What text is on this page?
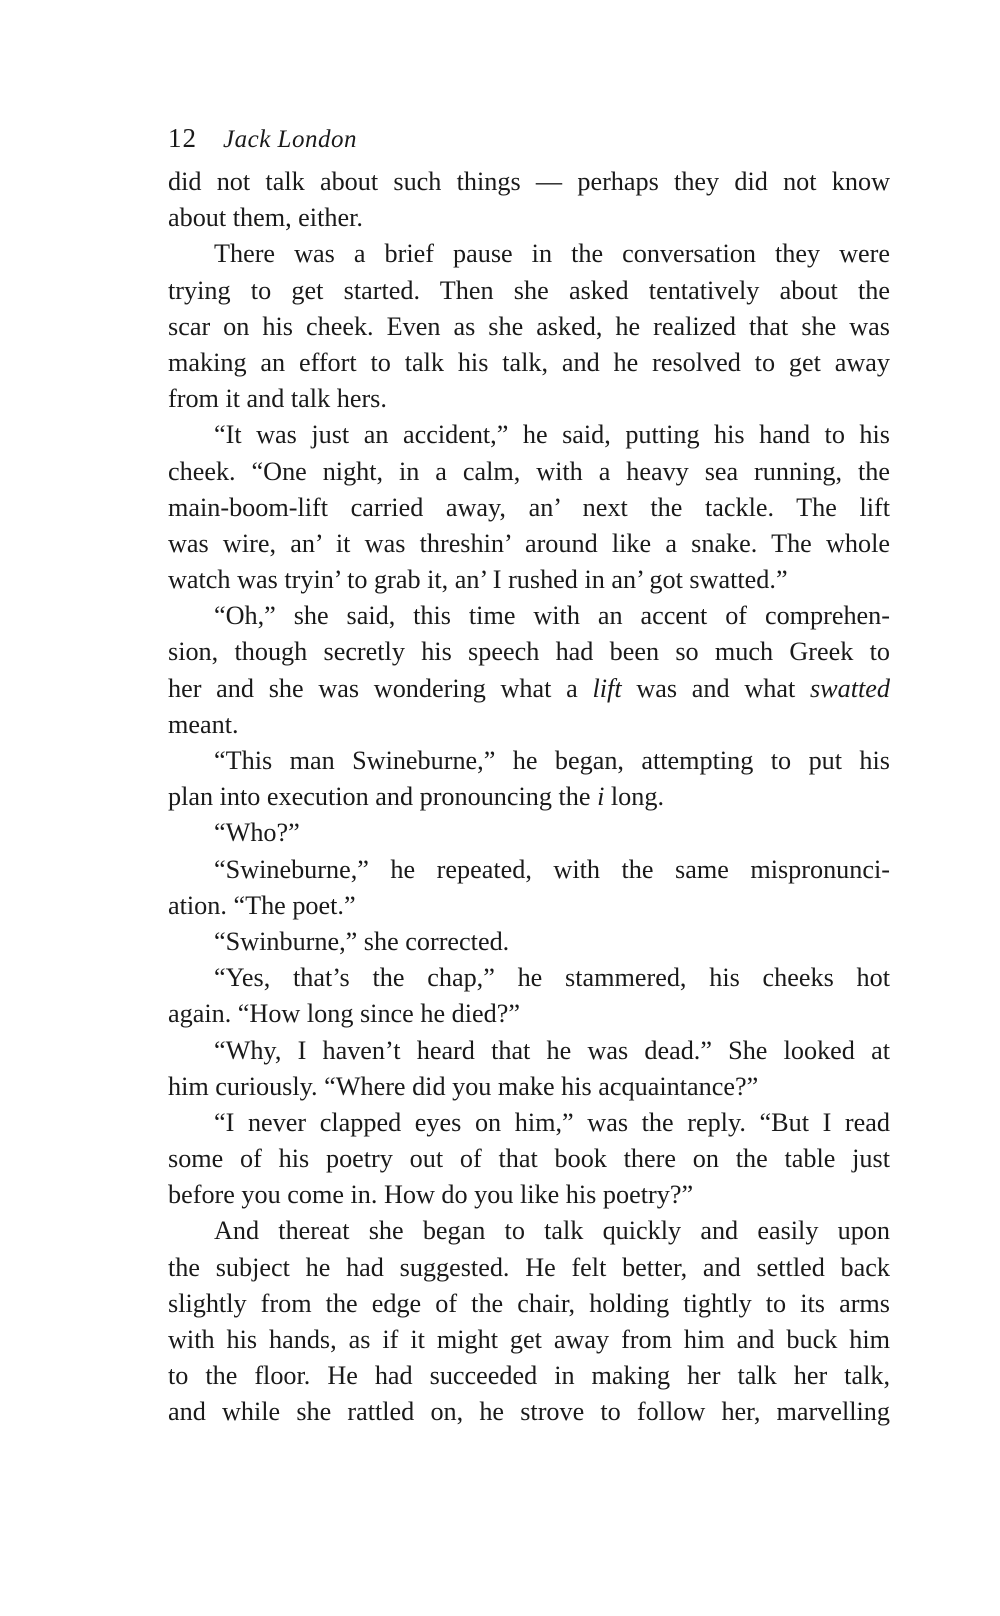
12 Jack London
did not talk about such things — perhaps they did not know
about them, either.
There was a brief pause in the conversation they were
trying to get started. Then she asked tentatively about the
scar on his cheek. Even as she asked, he realized that she was
making an effort to talk his talk, and he resolved to get away
from it and talk hers.
“It was just an accident,” he said, putting his hand to his
cheek. “One night, in a calm, with a heavy sea running, the
main-boom-lift carried away, an’ next the tackle. The lift
was wire, an’ it was threshin’ around like a snake. The whole
watch was tryin’ to grab it, an’ I rushed in an’ got swatted.”
“Oh,” she said, this time with an accent of comprehen-
sion, though secretly his speech had been so much Greek to
her and she was wondering what a lift was and what swatted
meant.
“This man Swineburne,” he began, attempting to put his
plan into execution and pronouncing the i long.
“Who?”
“Swineburne,” he repeated, with the same mispronunci-
ation. “The poet.”
“Swinburne,” she corrected.
“Yes, that’s the chap,” he stammered, his cheeks hot
again. “How long since he died?”
“Why, I haven’t heard that he was dead.” She looked at
him curiously. “Where did you make his acquaintance?”
“I never clapped eyes on him,” was the reply. “But I read
some of his poetry out of that book there on the table just
before you come in. How do you like his poetry?”
And thereat she began to talk quickly and easily upon
the subject he had suggested. He felt better, and settled back
slightly from the edge of the chair, holding tightly to its arms
with his hands, as if it might get away from him and buck him
to the floor. He had succeeded in making her talk her talk,
and while she rattled on, he strove to follow her, marvelling
